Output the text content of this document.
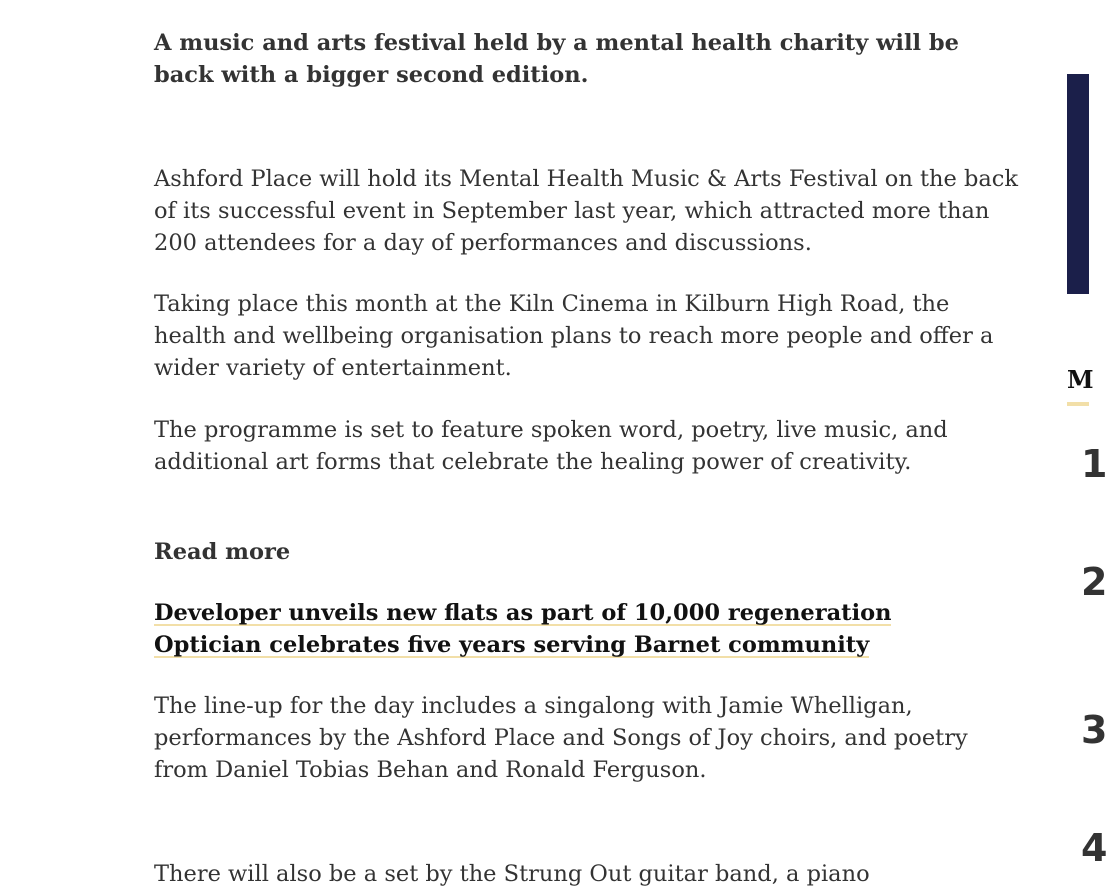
A music and arts festival held by a mental health charity will be back with a bigger second edition.

Ashford Place will hold its Mental Health Music & Arts Festival on the back of its successful event in September last year, which attracted more than 200 attendees for a day of performances and discussions.

Taking place this month at the Kiln Cinema in Kilburn High Road, the health and wellbeing organisation plans to reach more people and offer a wider variety of entertainment.

The programme is set to feature spoken word, poetry, live music, and additional art forms that celebrate the healing power of creativity.

Read more
Developer unveils new flats as part of 10,000 regeneration
Optician celebrates five years serving Barnet community

The line-up for the day includes a singalong with Jamie Whelligan, performances by the Ashford Place and Songs of Joy choirs, and poetry from Daniel Tobias Behan and Ronald Ferguson.

There will also be a set by the Strung Out guitar band, a piano

M
1
2
3
4
